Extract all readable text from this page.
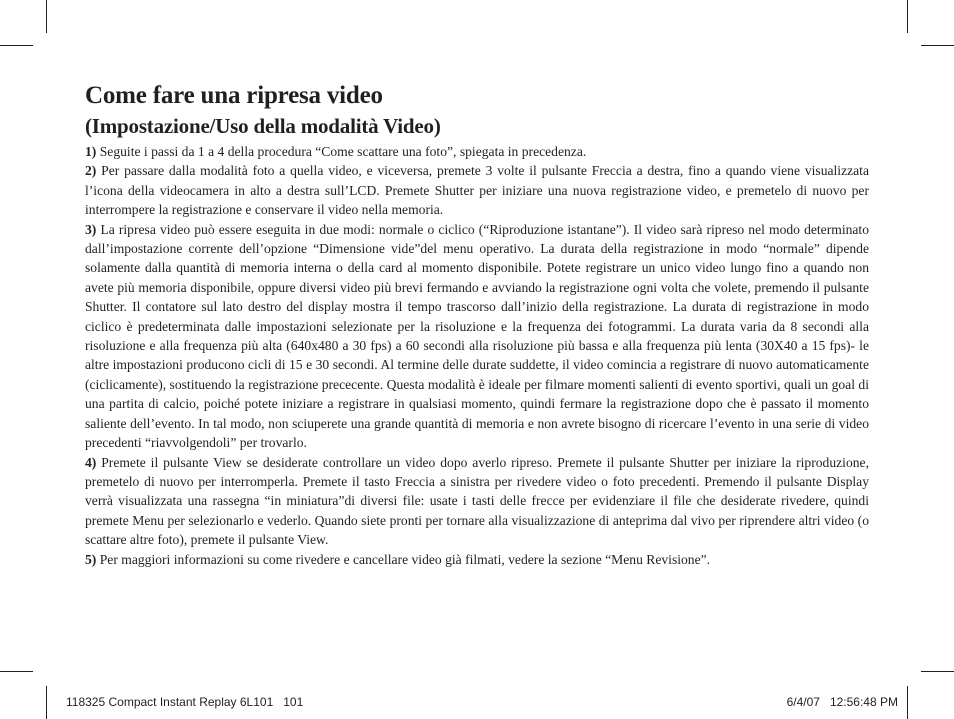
Come fare una ripresa video
(Impostazione/Uso della modalità Video)

1) Seguite i passi da 1 a 4 della procedura “Come scattare una foto”, spiegata in precedenza.

2) Per passare dalla modalità foto a quella video, e viceversa, premete 3 volte il pulsante Freccia a destra, fino a quando viene visualizzata l’icona della videocamera in alto a destra sull’LCD. Premete Shutter per iniziare una nuova registrazione video, e premetelo di nuovo per interrompere la registrazione e conservare il video nella memoria.

3) La ripresa video può essere eseguita in due modi: normale o ciclico (“Riproduzione istantane”). Il video sarà ripreso nel modo determinato dall’impostazione corrente dell’opzione “Dimensione vide”del menu operativo. La durata della registrazione in modo “normale” dipende solamente dalla quantità di memoria interna o della card al momento disponibile. Potete registrare un unico video lungo fino a quando non avete più memoria disponibile, oppure diversi video più brevi fermando e avviando la registrazione ogni volta che volete, premendo il pulsante Shutter. Il contatore sul lato destro del display mostra il tempo trascorso dall’inizio della registrazione. La durata di registrazione in modo ciclico è predeterminata dalle impostazioni selezionate per la risoluzione e la frequenza dei fotogrammi. La durata varia da 8 secondi alla risoluzione e alla frequenza più alta (640x480 a 30 fps) a 60 secondi alla risoluzione più bassa e alla frequenza più lenta (30X40 a 15 fps)- le altre impostazioni producono cicli di 15 e 30 secondi. Al termine delle durate suddette, il video comincia a registrare di nuovo automaticamente (ciclicamente), sostituendo la registrazione prececente. Questa modalità è ideale per filmare momenti salienti di evento sportivi, quali un goal di una partita di calcio, poiché potete iniziare a registrare in qualsiasi momento, quindi fermare la registrazione dopo che è passato il momento saliente dell’evento. In tal modo, non sciuperete una grande quantità di memoria e non avrete bisogno di ricercare l’evento in una serie di video precedenti “riavvolgendoli” per trovarlo.

4) Premete il pulsante View se desiderate controllare un video dopo averlo ripreso. Premete il pulsante Shutter per iniziare la riproduzione, premetelo di nuovo per interromperla. Premete il tasto Freccia a sinistra per rivedere video o foto precedenti. Premendo il pulsante Display verrà visualizzata una rassegna “in miniatura”di diversi file: usate i tasti delle frecce per evidenziare il file che desiderate rivedere, quindi premete Menu per selezionarlo e vederlo. Quando siete pronti per tornare alla visualizzazione di anteprima dal vivo per riprendere altri video (o scattare altre foto), premete il pulsante View.

5) Per maggiori informazioni su come rivedere e cancellare video già filmati, vedere la sezione “Menu Revisione”.

118325 Compact Instant Replay 6L101   101	6/4/07   12:56:48 PM
